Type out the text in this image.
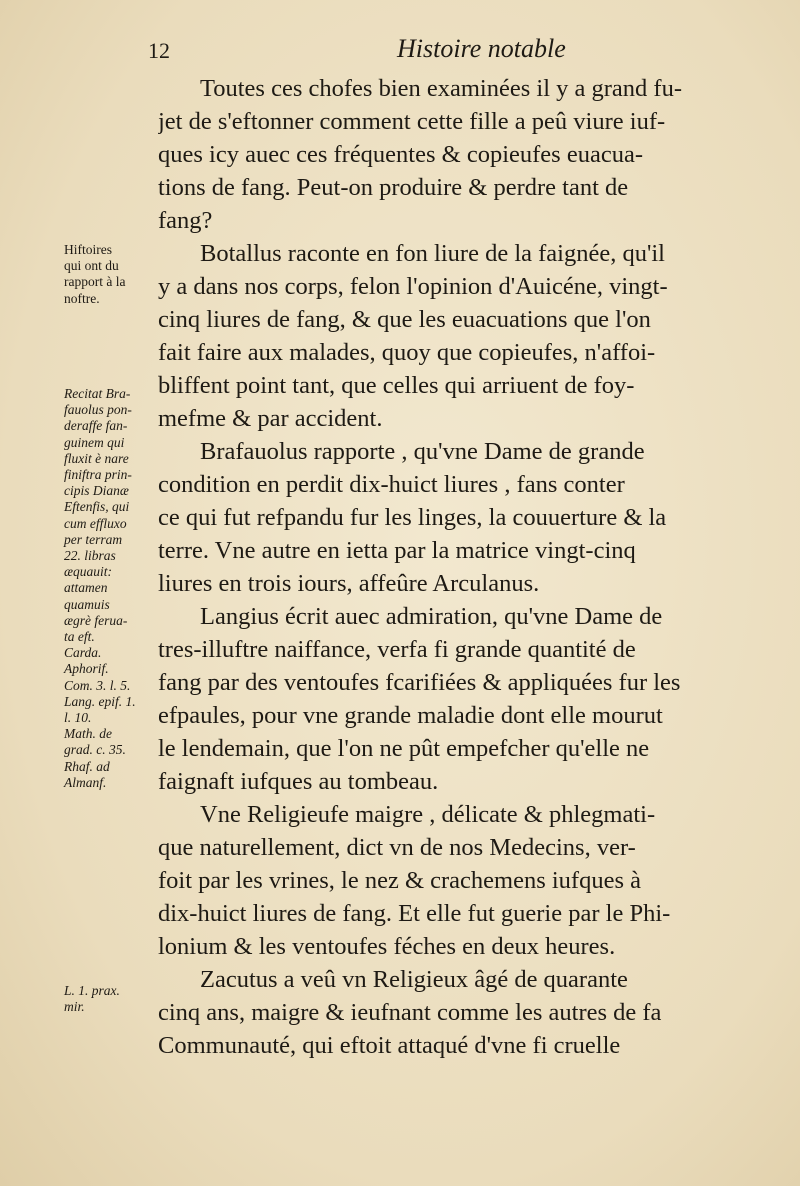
12	Histoire notable

Toutes ces chofes bien examinées il y a grand fu-
jet de s'eftonner comment cette fille a peû viure iuf-
ques icy auec ces fréquentes & copieufes euacua-
tions de fang. Peut-on produire & perdre tant de
fang?

Botallus raconte en fon liure de la faignée, qu'il
y a dans nos corps, felon l'opinion d'Auicéne, vingt-
cinq liures de fang, & que les euacuations que l'on
fait faire aux malades, quoy que copieufes, n'affoi-
bliffent point tant, que celles qui arriuent de foy-
mefme & par accident.

Brafauolus rapporte , qu'vne Dame de grande
condition en perdit dix-huict liures , fans conter
ce qui fut refpandu fur les linges, la couuerture & la
terre. Vne autre en ietta par la matrice vingt-cinq
liures en trois iours, affeûre Arculanus.

Langius écrit auec admiration, qu'vne Dame de
tres-illuftre naiffance, verfa fi grande quantité de
fang par des ventoufes fcarifiées & appliquées fur les
efpaules, pour vne grande maladie dont elle mourut
le lendemain, que l'on ne pût empefcher qu'elle ne
faignaft iufques au tombeau.

Vne Religieufe maigre , délicate & phlegmati-
que naturellement, dict vn de nos Medecins, ver-
foit par les vrines, le nez & crachemens iufques à
dix-huict liures de fang. Et elle fut guerie par le Phi-
lonium & les ventoufes féches en deux heures.

Zacutus a veû vn Religieux âgé de quarante
cinq ans, maigre & ieufnant comme les autres de fa
Communauté, qui eftoit attaqué d'vne fi cruelle

Hiftoires
qui ont du
rapport à la
noftre.
Recitat Bra-
fauolus pon-
deraffe fan-
guinem qui
fluxit è nare
finiftra prin-
cipis Dianæ
Eftenfis, qui
cum effluxo
per terram
22. libras
æquauit:
attamen
quamuis
ægrè ferua-
ta eft.
Carda.
Aphorif.
Com. 3. l. 5.
Lang. epif. 1.
l. 10.
Math. de
grad. c. 35.
Rhaf. ad
Almanf.
L. 1. prax.
mir.
